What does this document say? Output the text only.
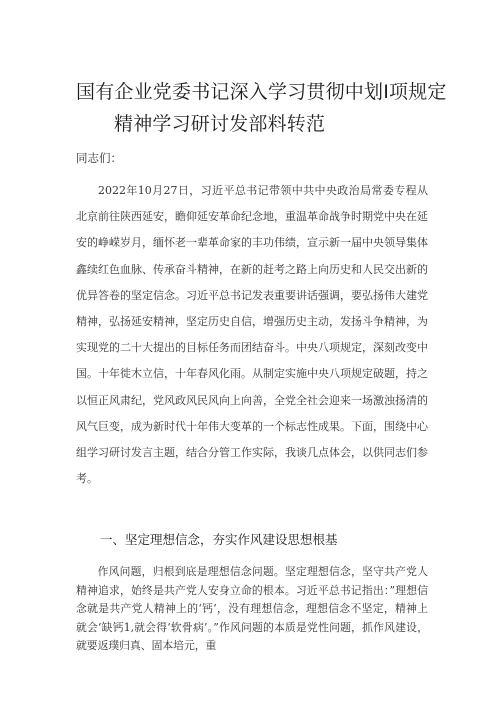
国有企业党委书记深入学习贯彻中划I项规定
精神学习研讨发部料转范
同志们：

2022年10月27日，习近平总书记带领中共中央政治局常委专程从北京前往陕西延安，瞻仰延安革命纪念地，重温革命战争时期党中央在延安的峥嵘岁月，缅怀老一辈革命家的丰功伟绩，宣示新一届中央领导集体鑫续红色血脉、传承奋斗精神，在新的赶考之路上向历史和人民交出新的优异答卷的坚定信念。习近平总书记发表重要讲话强调，要弘扬伟大建党精神，弘扬延安精神，坚定历史自信，增强历史主动，发扬斗争精神，为实现党的二十大提出的目标任务而团结奋斗。中央八项规定，深刻改变中国。十年徙木立信，十年春风化雨。从制定实施中央八项规定破题，持之以恒正风肃纪，党风政风民风向上向善，全党全社会迎来一场激浊扬清的风气巨变，成为新时代十年伟大变革的一个标志性成果。下面，围绕中心组学习研讨发言主题，结合分管工作实际，我谈几点体会，以供同志们参考。

一、坚定理想信念，夯实作风建设思想根基

作风问题，归根到底是理想信念问题。坚定理想信念，坚守共产党人精神追求，始终是共产党人安身立命的根本。习近平总书记指出：”理想信念就是共产党人精神上的‘钙’，没有理想信念，理想信念不坚定，精神上就会‘缺钙1,就会得‘软骨病’。”作风问题的本质是党性问题，抓作风建设，就要返璞归真、固本培元，重
